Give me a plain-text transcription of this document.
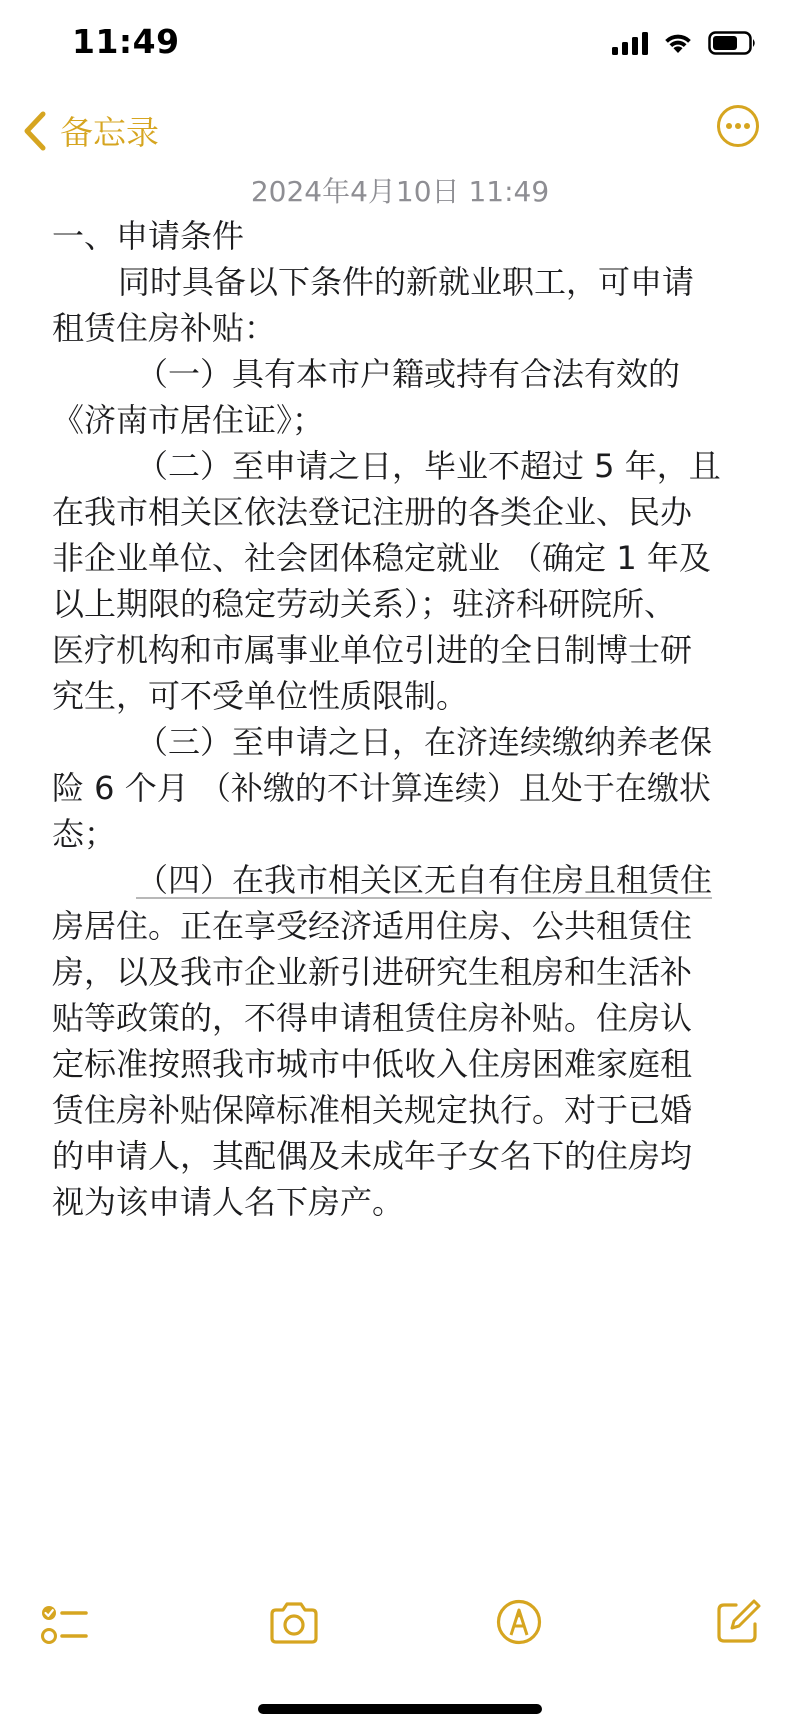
11:49
备忘录
2024年4月10日 11:49
一、申请条件
同时具备以下条件的新就业职工，可申请
租赁住房补贴：
（一）具有本市户籍或持有合法有效的
《济南市居住证》；
（二）至申请之日，毕业不超过 5 年，且
在我市相关区依法登记注册的各类企业、民办
非企业单位、社会团体稳定就业 （确定 1 年及
以上期限的稳定劳动关系）；驻济科研院所、
医疗机构和市属事业单位引进的全日制博士研
究生，可不受单位性质限制。
（三）至申请之日，在济连续缴纳养老保
险 6 个月 （补缴的不计算连续）且处于在缴状
态；
（四）在我市相关区无自有住房且租赁住
房居住。正在享受经济适用住房、公共租赁住
房，以及我市企业新引进研究生租房和生活补
贴等政策的，不得申请租赁住房补贴。住房认
定标准按照我市城市中低收入住房困难家庭租
赁住房补贴保障标准相关规定执行。对于已婚
的申请人，其配偶及未成年子女名下的住房均
视为该申请人名下房产。
